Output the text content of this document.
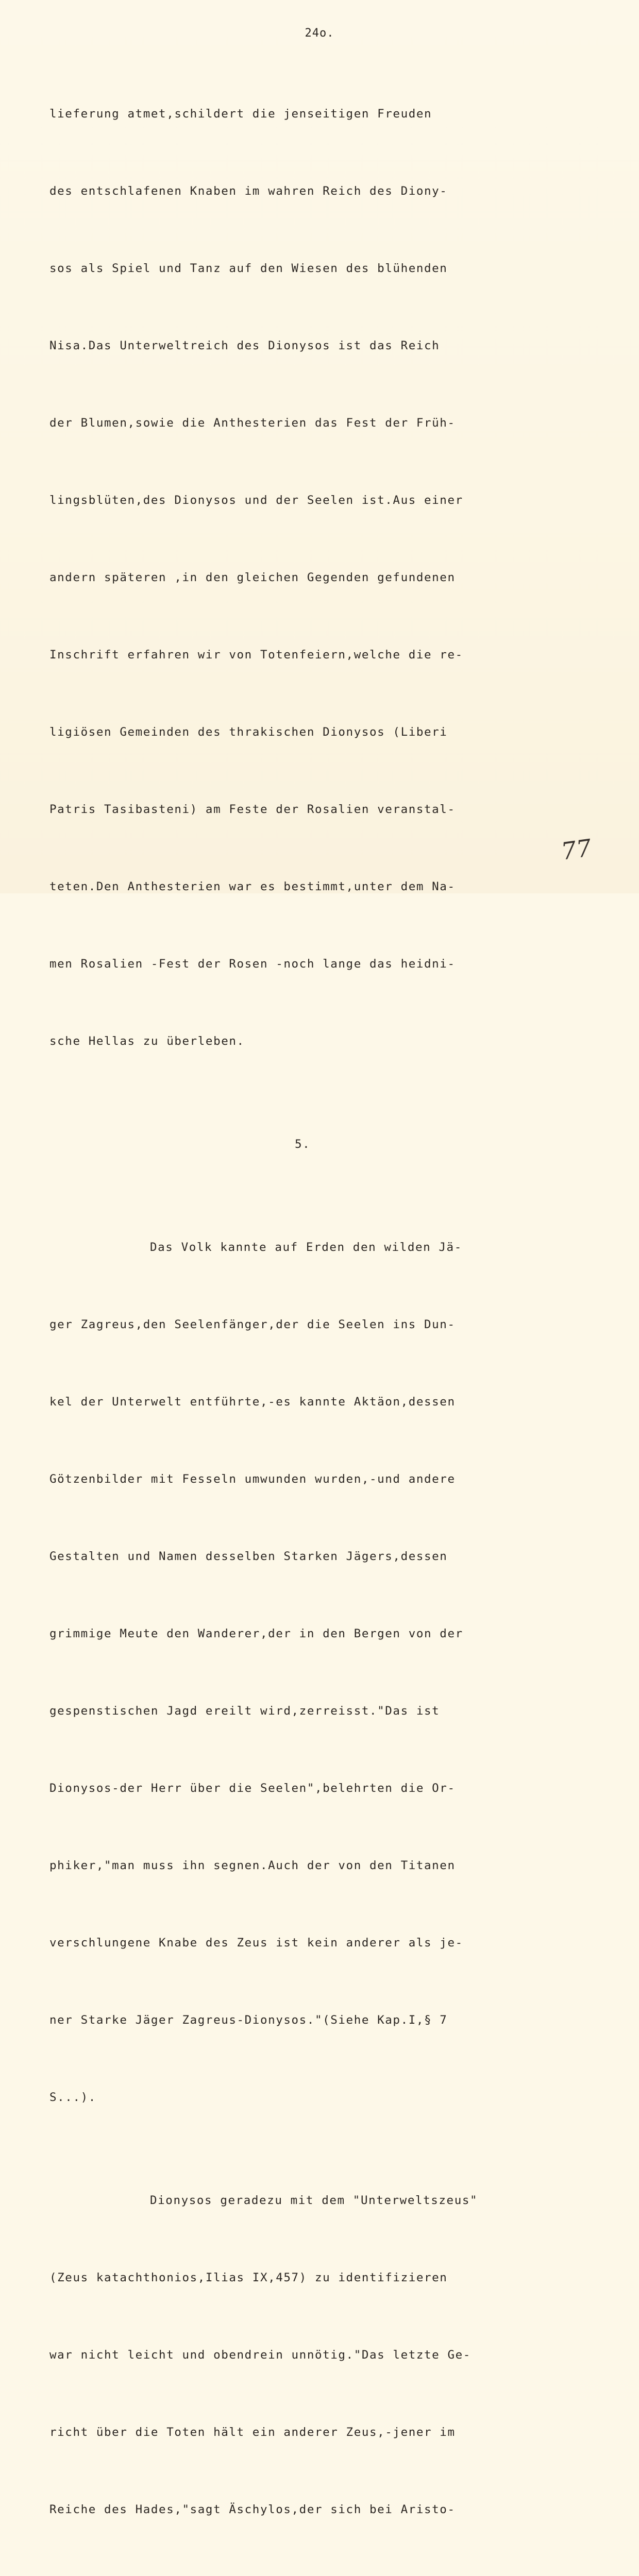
24o.

lieferung atmet,schildert die jenseitigen Freuden

des entschlafenen Knaben im wahren Reich des Diony-

sos als Spiel und Tanz auf den Wiesen des blühenden

Nisa.Das Unterweltreich des Dionysos ist das Reich

der Blumen,sowie die Anthesterien das Fest der Früh-

lingsblüten,des Dionysos und der Seelen ist.Aus einer

andern späteren ,in den gleichen Gegenden gefundenen

Inschrift erfahren wir von Totenfeiern,welche die re-

ligiösen Gemeinden des thrakischen Dionysos (Liberi

Patris Tasibasteni) am Feste der Rosalien veranstal-

teten.Den Anthesterien war es bestimmt,unter dem Na-

men Rosalien -Fest der Rosen -noch lange das heidni-

sche Hellas zu überleben.

5.

Das Volk kannte auf Erden den wilden Jä-

ger Zagreus,den Seelenfänger,der die Seelen ins Dun-

kel der Unterwelt entführte,-es kannte Aktäon,dessen

Götzenbilder mit Fesseln umwunden wurden,-und andere

Gestalten und Namen desselben Starken Jägers,dessen

grimmige Meute den Wanderer,der in den Bergen von der

gespenstischen Jagd ereilt wird,zerreisst."Das ist

Dionysos-der Herr über die Seelen",belehrten die Or-

phiker,"man muss ihn segnen.Auch der von den Titanen

verschlungene Knabe des Zeus ist kein anderer als je-

ner Starke Jäger Zagreus-Dionysos."(Siehe Kap.I,§ 7

S...).

Dionysos geradezu mit dem "Unterweltszeus"

(Zeus katachthonios,Ilias IX,457) zu identifizieren

war nicht leicht und obendrein unnötig."Das letzte Ge-

richt über die Toten hält ein anderer Zeus,-jener im

Reiche des Hades,"sagt Äschylos,der sich bei Aristo-

77
